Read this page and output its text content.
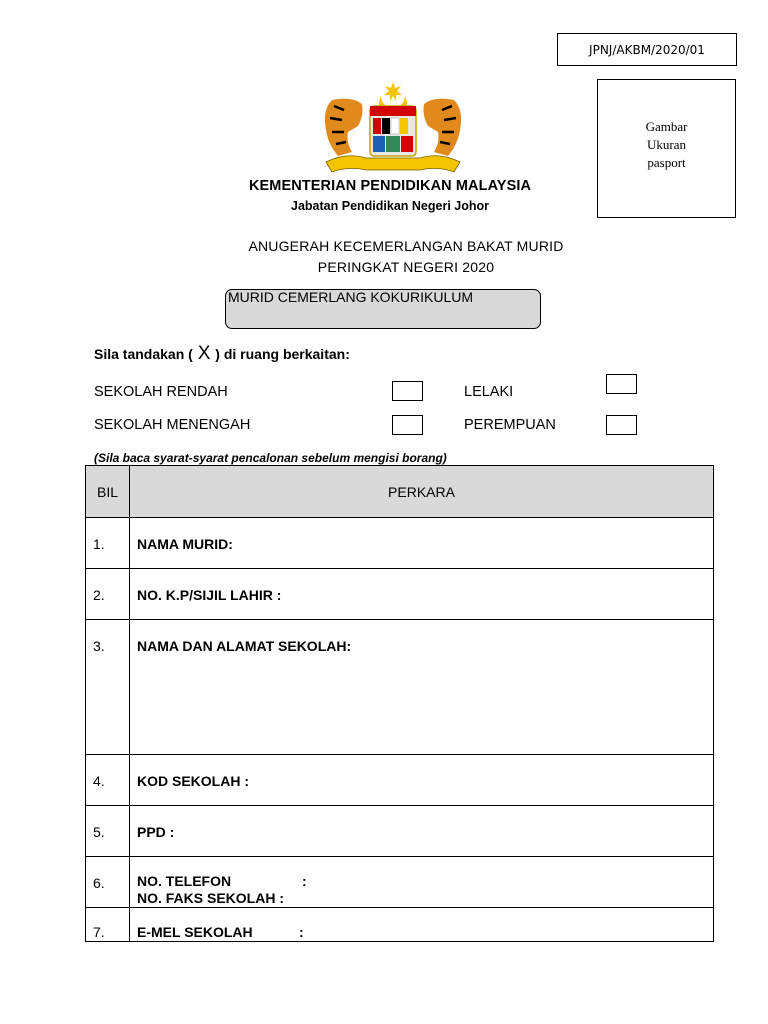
JPNJ/AKBM/2020/01
Gambar
Ukuran
pasport
KEMENTERIAN PENDIDIKAN MALAYSIA
Jabatan Pendidikan Negeri Johor
ANUGERAH KECEMERLANGAN BAKAT MURID
PERINGKAT NEGERI 2020
MURID CEMERLANG KOKURIKULUM
Sila tandakan ( X ) di ruang berkaitan:
SEKOLAH RENDAH	LELAKI
SEKOLAH MENENGAH	PEREMPUAN
(Sila baca syarat-syarat pencalonan sebelum mengisi borang)
BIL	PERKARA
1.	NAMA MURID:
2.	NO. K.P/SIJIL LAHIR :
3.	NAMA DAN ALAMAT SEKOLAH:
4.	KOD SEKOLAH :
5.	PPD :
6.	NO. TELEFON :
NO. FAKS SEKOLAH :

7.	E-MEL SEKOLAH :
